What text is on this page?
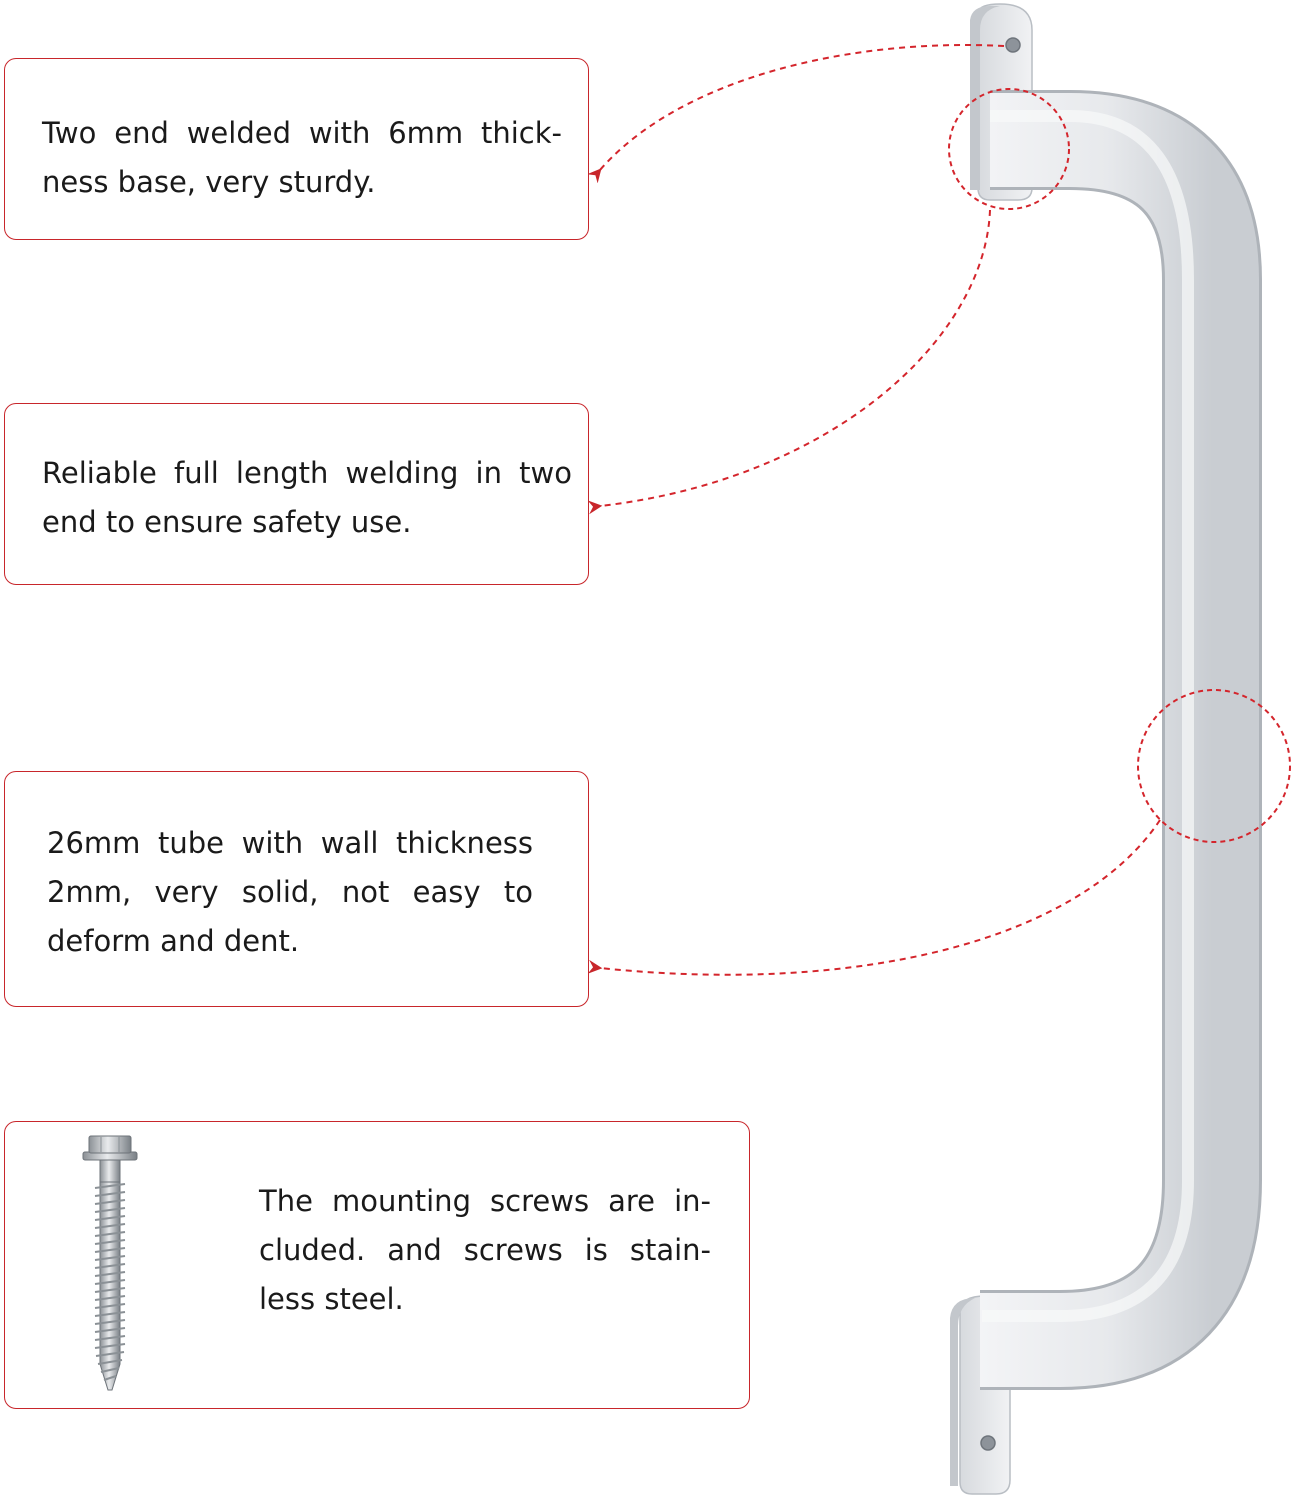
Two end welded with 6mm thick-ness base, very sturdy.

Reliable full length welding in two end to ensure safety use.

26mm tube with wall thickness 2mm, very solid, not easy to deform and dent.

The mounting screws are in-cluded. and screws is stain-less steel.
